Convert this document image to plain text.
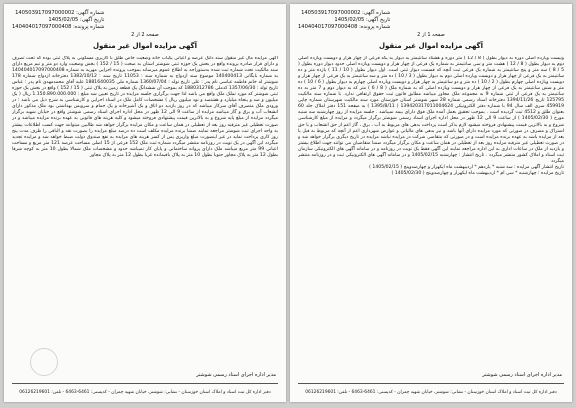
شماره آگهی: 140503917097000002
تاریخ آگهی: 1405/02/05
شماره پرونده: 140404017097000408
صفحه 2 از 2
آگهی مزایده اموال غیر منقول

آگهی مزایده مال غیر منقول سند دانگ عرصه و اعیانی یکباب خانه وضعیت خاص طلق با کاربری مسکونی به پلاک ثبتی بوده که تحت تصرف و دارای قرار صادره پرونده واقع در بخش یک حوزه ثبتی شوشتر استان به صحت ( 15 / 152 ) بخش وضعیت وارد دو متر و نیم مربع دارای سند مالکیت تحت شماره ثبت شده بدستوراجه به اطلاع عموم میرساند بموجب پرونده اجرایی مهریه به شماره 140404017097000408 به شماره بایگانی 140400413 موضوع سند ازدواج به شماره سند : 11053 تاریخ سند : 1382/10/12 دفترخانه ازدواج شماره 178 شوشتر له خانم فاطمه عباسی نام پدر : علی تاریخ تولد : 1360/07/04 شماره ملی 1881640035 علیه آقای محمدمهدی نام پدر : عباس تاریخ تولد : 1357/06/30 کدملی 1880312786 که بموجب آن ششدانگ یک قطعه زمین به پلاک ثبتی ( 15 / 152 ) واقع در بخش یک حوزه ثبتی شوشتر که مورد تملک ملک واقع می باشد لذا جهت برگزاری جلسه مزایده در تاریخ تعیین شد مبلغ : 1.150.890.000.000 ریال ( یک میلیون و صد و پنجاه میلیارد و هشتصد و نود میلیون ریال ) مشخصات کامل ملک در اسناد اجرایی و کارشناسی به شرح ذیل می باشد : در ورودی ملک متصرف آقای سرکار میباشد که در روز بازدید دو اتاق و یک آشپزخانه و یک حمام و سرویس بهداشتی بود ملک مذکور دارای انشعاب آب و برق و گاز میباشد مزایده از ساعت 9 الی 12 ظهر در محل اداره اجرای اسناد رسمی شوشتر واقع در خیابان شهید برگزار میگردد مزایده از مبلغ پایه شروع و به بالاترین قیمت پیشنهادی فروخته میشود و کلیه هزینه های قانونی به عهده برنده مزایده میباشد و در صورت تعطیلی غیر مترقبه روز بعد از تعطیلی در همان ساعت و مکان مزایده برگزار خواهد شد طالبین میتوانند جهت کسب اطلاعات بیشتر به واحد اجرای ثبت شوشتر مراجعه نمایند ضمنا برنده مزایده مکلف است ده درصد مبلغ مزایده را بصورت نقد و الباقی را ظرف مدت پنج روز کاری پرداخت نماید در غیر اینصورت مبلغ واریزی پس از کسر هزینه های مزایده به نفع صندوق دولت ضبط خواهد شد و مزایده تجدید میگردد این آگهی در یک نوبت در روزنامه منتشر میگردد شماره ثبت ملک 152 فرعی از 15 اصلی مساحت عرصه 121 متر مربع و مساحت اعیانی 99 متر مربع میباشد ملک دارای پروانه ساختمانی و پایان کار نمیباشد حدود و مشخصات ملک شمالا بطول 10 متر به کوچه شرقا بطول 12 متر به پلاک مجاور جنوبا بطول 10 متر به پلاک باقیمانده غربا بطول 12 متر به پلاک مجاور

مدیر اداره اجرای اسناد رسمی شوشتر
دفتر اداره کل ثبت اسناد و املاک استان خوزستان - نشانی: شوشتر، خیابان شهید چمران - کدپستی: 6461-6463 - تلفن: 06126219601
شماره آگهی: 140503917097000002
تاریخ آگهی: 1405/02/05
شماره پرونده: 140404017097000408
صفحه 1 از 2
آگهی مزایده اموال غیر منقول

ونیست ویارده اصلی دوره به دیوار بطول ( 8 / 12 ) متر دوره و هشتاد سانتیمتر به دیوار به یکه فرعی از چهار هزار و دویست ویازده اصلی دوم به دیوار بطول ( 8 / 12 ) هشت متر و سی سانتیمتر به شماره یک فرعی از چهار هزار و دویست ویازده اصلی حدود دیوار دوره بطول ( 5 / 8 ) سه متر و پنج سانتیمتر به شماره بک فرعی ثبت آنچه که قسمت دیوار ثبتی است. اول دیوار بطول ( 10 / 11 ) یازده متر و ده سانتیمتر به بک فرعی از چهار هزار و دویست ویارده اصلی دوم به دیوار بطول ( 3 / 10 ) ده متر و سه سانتیمتر به بک فرعی از چهار هزار و دویست ویازده اصلی چهارم بطول ( 2 / 10 ) ده متر و دو سانتیمتر به چهار هزار و دویست ویارده اصلی چهارم به دیوار بطول ( 6 / 10 ) ده متر و شش سانتیمتر به یک فرعی از چهار هزار و دویست ویازده اصلی که به شماره ملک ( 8 / 6 ) متر که به دیوار دوم و 7 متر به ده سانتیمتر به یک فرعی از ثبتی شماره 9 به مجموعه ملک مجاور میباشد مطابق قانون ثبت حقوق ارتفاقی ندارد. با شماره سند مالکیت 125795 تاریخ 1394/11/26 دفترخانه اسناد رسمی شماره 28 شهر شوشتر استان خوزستان مورد سند مالکیت شهرستان شماره چاپی 459919 سری الف سال 94 با شماره دفتر الکترونیکی 139420317011004624 ( 1395/8/11 ) به صفحه 151 دفتر املاک جلد 60 بعنوان طلق و 4512 ثبت گردیده است . بموجب تحقیق بعمل آمده ملک فوق دارای بیمه نمیباشد . جلسه مزایده از روز چهارشنبه سه شنبه مورخ ( 1405/02/30 ) از ساعت 9 الی 12 ظهر در محل اداره اجرای اسناد رسمی شوشتر برگزار میگردد و مزایده از مبلغ کارشناسی شروع و به بالاترین قیمت پیشنهادی فروخته میشود لازم بذکر است پرداخت بدهی های مربوط به آب ، برق ، گاز اعم از حق انشعاب و یا حق اشتراک و مصرف در صورتی که مورد مزایده دارای آنها باشد و نیز بدهی های مالیاتی و عوارض شهرداری اعم از آنچه که مربوط به قبل یا بعد از مزایده باشد به عهده برنده مزایده است و در صورتی که متقاضی شرکت در مزایده نباشد مزایده در تاریخ دیگری برگزار خواهد شد و در صورت تعطیلی غیر مترقبه مزایده روز بعد از تعطیلی در همان ساعت و مکان برگزار میگردد ضمنا متقاضیان می توانند جهت اطلاع بیشتر و بازدید از ملک در ساعات اداری به این اداره مراجعه نمایند این آگهی فقط یک نوبت در روزنامه و در سامانه آگهی های الکترونیکی سازمان ثبت اسناد و املاک کشور منتشر میگردد . تاریخ انتشار : چهارشنبه 1405/02/15 و در سامانه آگهی های الکترونیکی ثبت و در روزنامه منتشر میگردد

تاریخ انتشار آگهی مزایده : سه شنبه * یاردهم * اردیبهشت ماه ایکهزار و چهارصدوپنج ( 1405/02/15 )

تاریخ مزایده : چهارشنبه * سی ام * اردیبهشت ماه ایکهزار و چهارصدوپنج ( 1405/02/30 )

مدیر اداره اجرای اسناد رسمی شوشتر
دفتر اداره کل ثبت اسناد و املاک استان خوزستان - نشانی: شوشتر، خیابان شهید چمران - کدپستی: 6461-6463 - تلفن: 06126219601
